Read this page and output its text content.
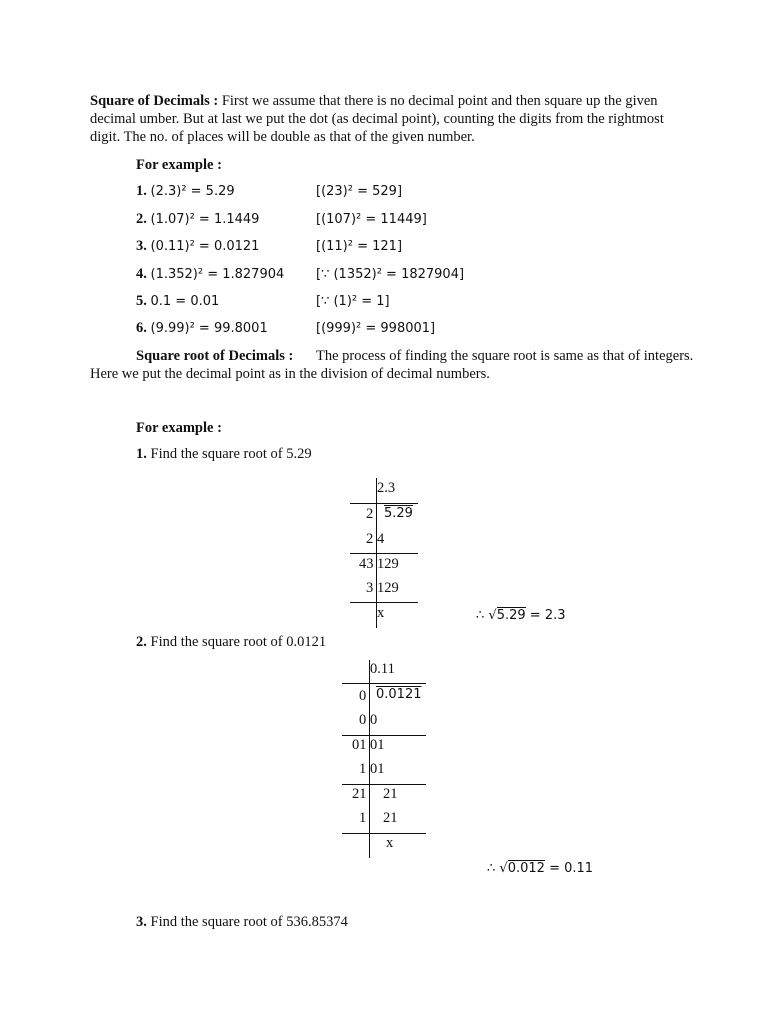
Square of Decimals : First we assume that there is no decimal point and then square up the given decimal umber. But at last we put the dot (as decimal point), counting the digits from the rightmost digit. The no. of places will be double as that of the given number.
For example :
1. (2.3)² = 5.29	[(23)² = 529]
2. (1.07)² = 1.1449	[(107)² = 11449]
3. (0.11)² = 0.0121	[(11)² = 121]
4. (1.352)² = 1.827904 [∵ (1352)² = 1827904]
5. 0.1 = 0.01	[∵ (1)² = 1]
6. (9.99)² = 99.8001	[(999)² = 998001]
Square root of Decimals : The process of finding the square root is same as that of integers.
Here we put the decimal point as in the division of decimal numbers.
For example :
1. Find the square root of 5.29
2.3
2 5.29
2 4
43 129
3 129
x	∴ √5.29 = 2.3
2. Find the square root of 0.0121
0.11
0 0.0121
0 0
01 01
1 01
21 21
1 21
x
∴ √0.012 = 0.11
3. Find the square root of 536.85374
